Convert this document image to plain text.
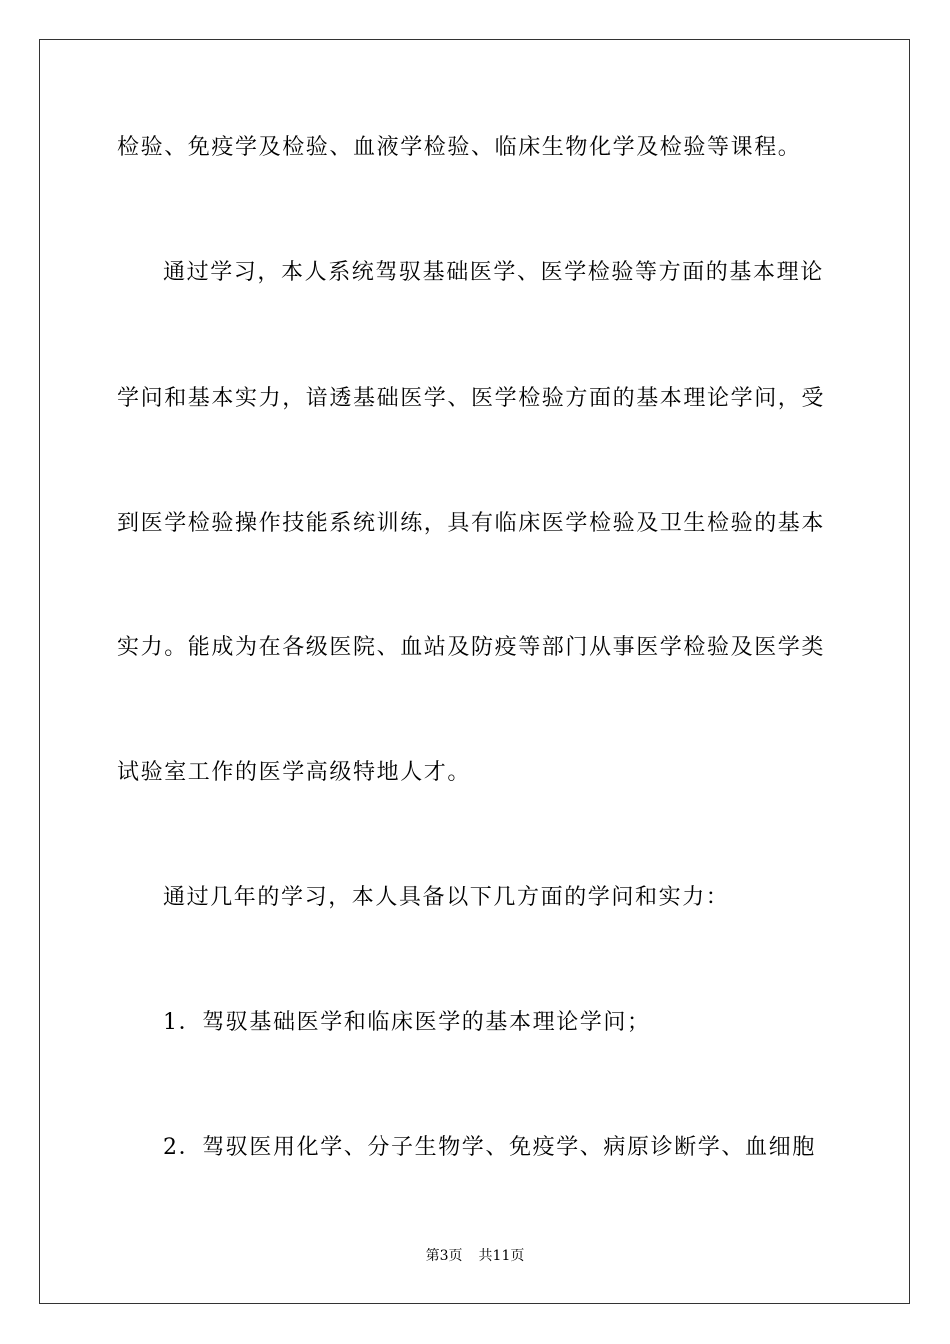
检验、免疫学及检验、血液学检验、临床生物化学及检验等课程。
通过学习，本人系统驾驭基础医学、医学检验等方面的基本理论
学问和基本实力，谙透基础医学、医学检验方面的基本理论学问，受
到医学检验操作技能系统训练，具有临床医学检验及卫生检验的基本
实力。能成为在各级医院、血站及防疫等部门从事医学检验及医学类
试验室工作的医学高级特地人才。
通过几年的学习，本人具备以下几方面的学问和实力：
1．驾驭基础医学和临床医学的基本理论学问；
2．驾驭医用化学、分子生物学、免疫学、病原诊断学、血细胞
第3页 共11页
